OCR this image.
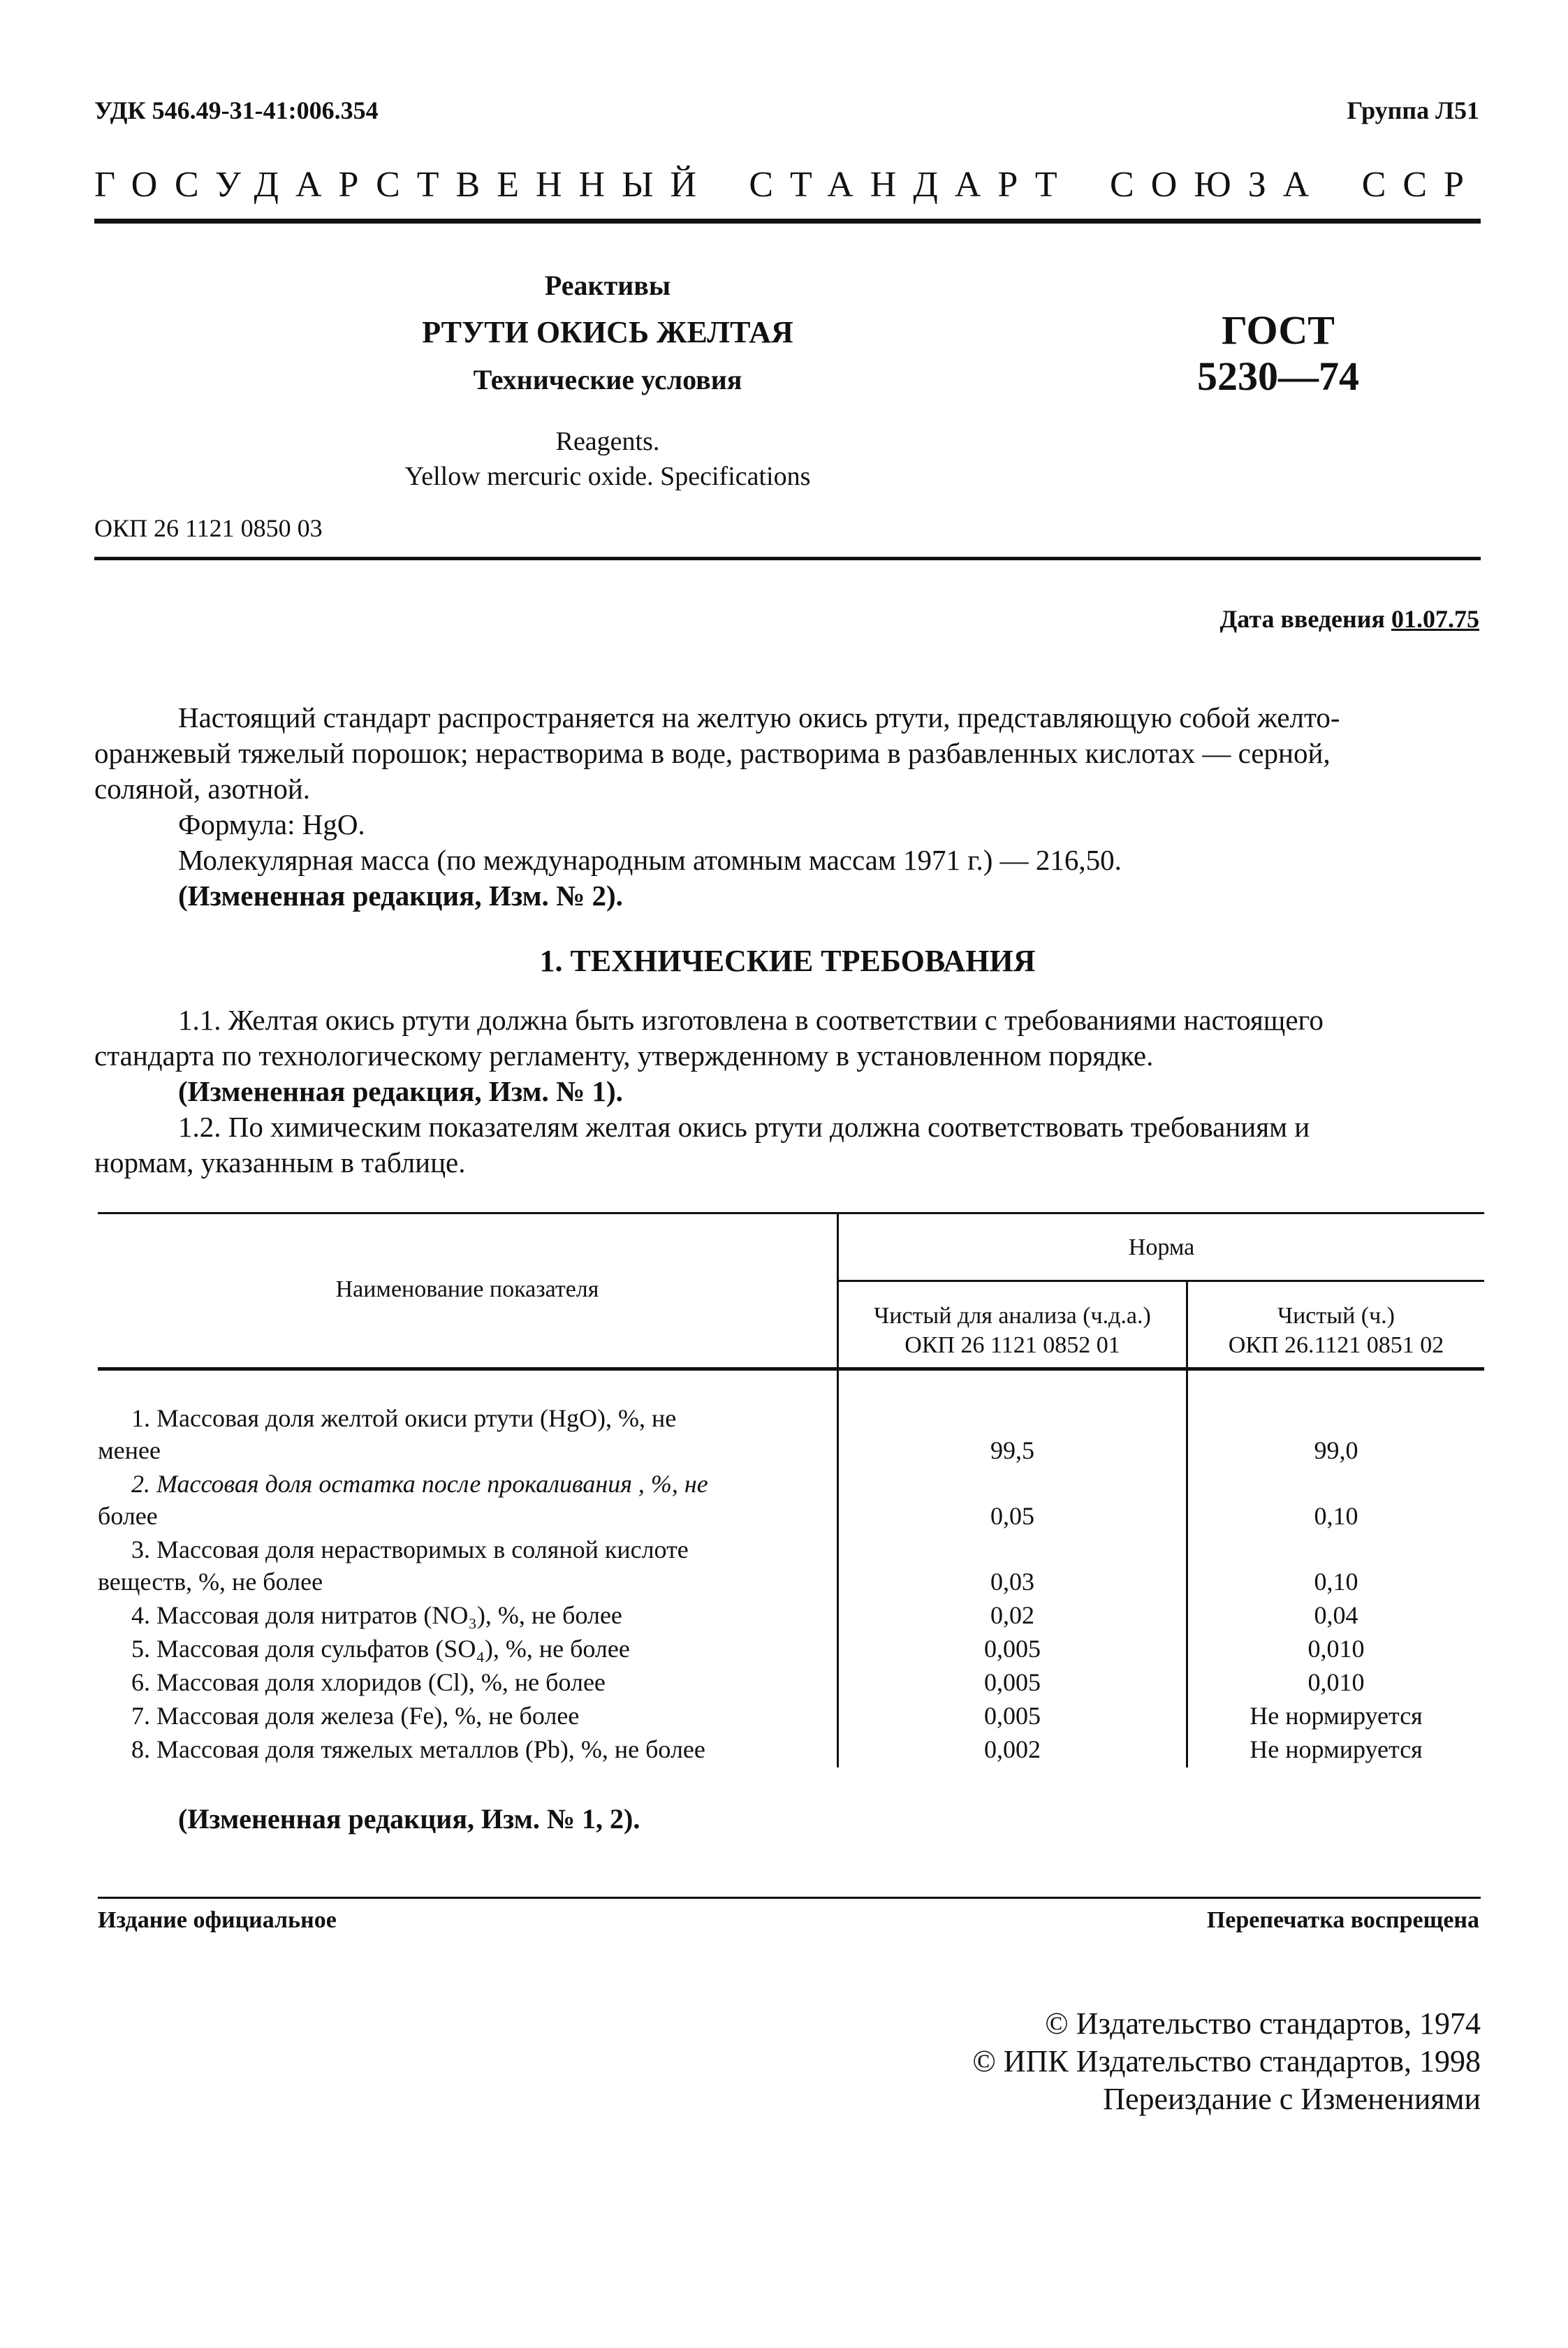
УДК 546.49-31-41:006.354	Группа Л51
ГОСУДАРСТВЕННЫЙ СТАНДАРТ СОЮЗА ССР
Реактивы
РТУТИ ОКИСЬ ЖЕЛТАЯ
Технические условия
Reagents.
Yellow mercuric oxide. Specifications
ГОСТ
5230—74
ОКП 26 1121 0850 03
Дата введения 01.07.75
Настоящий стандарт распространяется на желтую окись ртути, представляющую собой желто-
оранжевый тяжелый порошок; нерастворима в воде, растворима в разбавленных кислотах — серной,
соляной, азотной.
Формула: HgO.
Молекулярная масса (по международным атомным массам 1971 г.) — 216,50.
(Измененная редакция, Изм. № 2).
1. ТЕХНИЧЕСКИЕ ТРЕБОВАНИЯ
1.1. Желтая окись ртути должна быть изготовлена в соответствии с требованиями настоящего
стандарта по технологическому регламенту, утвержденному в установленном порядке.
(Измененная редакция, Изм. № 1).
1.2. По химическим показателям желтая окись ртути должна соответствовать требованиям и
нормам, указанным в таблице.
Наименование показателя
Норма
Чистый для анализа (ч.д.а.)
ОКП 26 1121 0852 01
Чистый (ч.)
ОКП 26.1121 0851 02
1. Массовая доля желтой окиси ртути (HgO), %, не
менее	99,5	99,0
2. Массовая доля остатка после прокаливания , %, не
более	0,05	0,10
3. Массовая доля нерастворимых в соляной кислоте
веществ, %, не более	0,03	0,10
4. Массовая доля нитратов (NO₃), %, не более	0,02	0,04
5. Массовая доля сульфатов (SO₄), %, не более	0,005	0,010
6. Массовая доля хлоридов (Cl), %, не более	0,005	0,010
7. Массовая доля железа (Fe), %, не более	0,005	Не нормируется
8. Массовая доля тяжелых металлов (Pb), %, не более	0,002	Не нормируется
(Измененная редакция, Изм. № 1, 2).
Издание официальное	Перепечатка воспрещена
© Издательство стандартов, 1974
© ИПК Издательство стандартов, 1998
Переиздание с Изменениями
